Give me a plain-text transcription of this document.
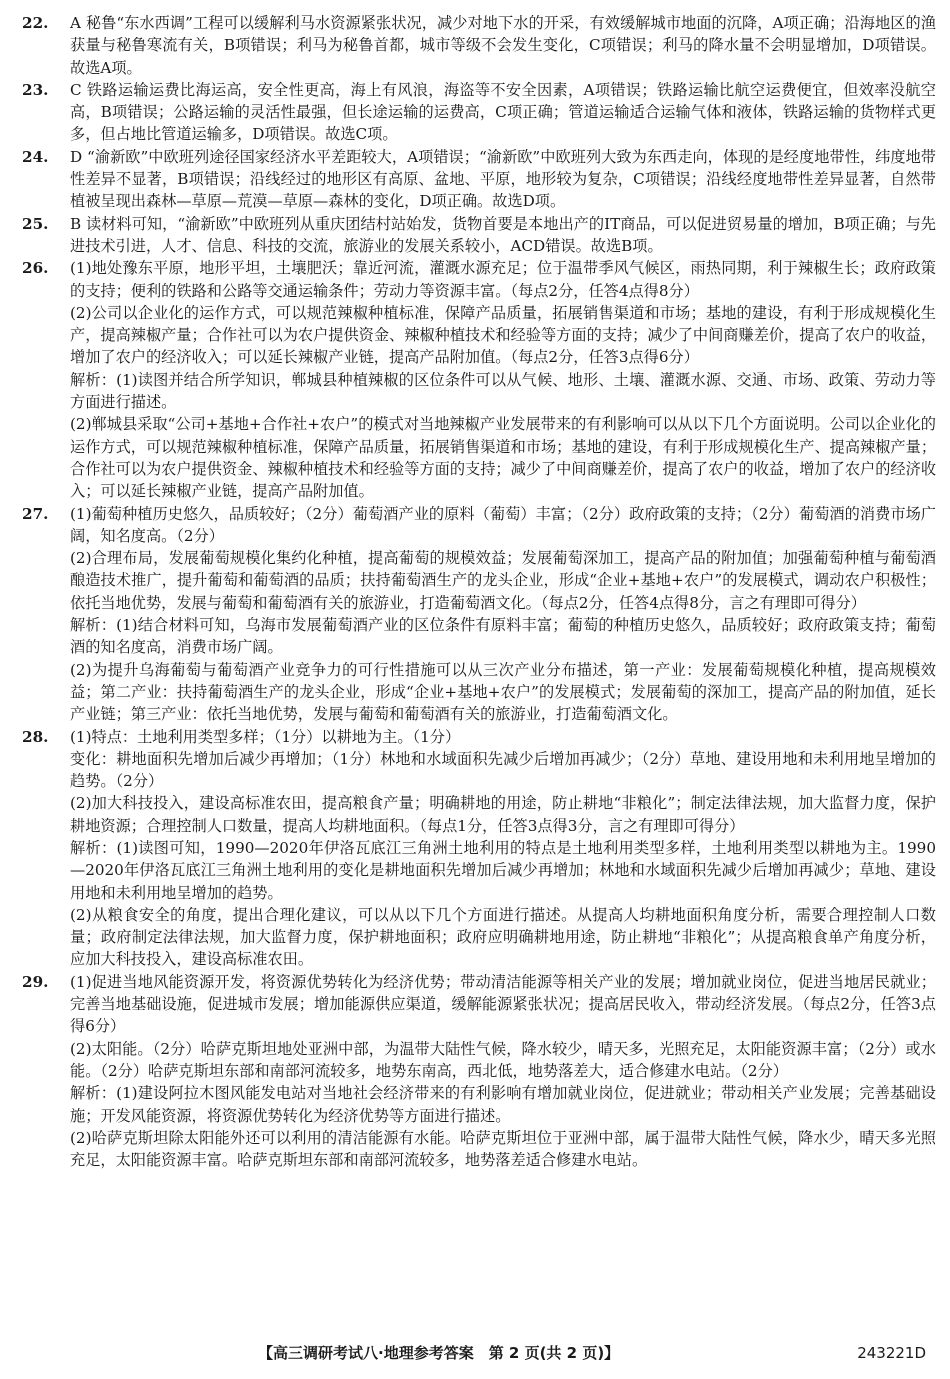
22. A 秘鲁“东水西调”工程可以缓解利马水资源紧张状况，减少对地下水的开采，有效缓解城市地面的沉降，A项正确；沿海地区的渔获量与秘鲁寒流有关，B项错误；利马为秘鲁首都，城市等级不会发生变化，C项错误；利马的降水量不会明显增加，D项错误。故选A项。

23. C 铁路运输运费比海运高，安全性更高，海上有风浪，海盗等不安全因素，A项错误；铁路运输比航空运费便宜，但效率没航空高，B项错误；公路运输的灵活性最强，但长途运输的运费高，C项正确；管道运输适合运输气体和液体，铁路运输的货物样式更多，但占地比管道运输多，D项错误。故选C项。

24. D “渝新欧”中欧班列途径国家经济水平差距较大，A项错误；“渝新欧”中欧班列大致为东西走向，体现的是经度地带性，纬度地带性差异不显著，B项错误；沿线经过的地形区有高原、盆地、平原，地形较为复杂，C项错误；沿线经度地带性差异显著，自然带植被呈现出森林—草原—荒漠—草原—森林的变化，D项正确。故选D项。

25. B 读材料可知，“渝新欧”中欧班列从重庆团结村站始发，货物首要是本地出产的IT商品，可以促进贸易量的增加，B项正确；与先进技术引进，人才、信息、科技的交流，旅游业的发展关系较小，ACD错误。故选B项。

26. (1)地处豫东平原，地形平坦，土壤肥沃；靠近河流，灌溉水源充足；位于温带季风气候区，雨热同期，利于辣椒生长；政府政策的支持；便利的铁路和公路等交通运输条件；劳动力等资源丰富。（每点2分，任答4点得8分）

(2)公司以企业化的运作方式，可以规范辣椒种植标准，保障产品质量，拓展销售渠道和市场；基地的建设，有利于形成规模化生产，提高辣椒产量；合作社可以为农户提供资金、辣椒种植技术和经验等方面的支持；减少了中间商赚差价，提高了农户的收益，增加了农户的经济收入；可以延长辣椒产业链，提高产品附加值。（每点2分，任答3点得6分）

解析：(1)读图并结合所学知识，郸城县种植辣椒的区位条件可以从气候、地形、土壤、灌溉水源、交通、市场、政策、劳动力等方面进行描述。

(2)郸城县采取“公司+基地+合作社+农户”的模式对当地辣椒产业发展带来的有利影响可以从以下几个方面说明。公司以企业化的运作方式，可以规范辣椒种植标准，保障产品质量，拓展销售渠道和市场；基地的建设，有利于形成规模化生产、提高辣椒产量；合作社可以为农户提供资金、辣椒种植技术和经验等方面的支持；减少了中间商赚差价，提高了农户的收益，增加了农户的经济收入；可以延长辣椒产业链，提高产品附加值。

27. (1)葡萄种植历史悠久，品质较好；（2分）葡萄酒产业的原料（葡萄）丰富；（2分）政府政策的支持；（2分）葡萄酒的消费市场广阔，知名度高。（2分）

(2)合理布局，发展葡萄规模化集约化种植，提高葡萄的规模效益；发展葡萄深加工，提高产品的附加值；加强葡萄种植与葡萄酒酿造技术推广，提升葡萄和葡萄酒的品质；扶持葡萄酒生产的龙头企业，形成“企业+基地+农户”的发展模式，调动农户积极性；依托当地优势，发展与葡萄和葡萄酒有关的旅游业，打造葡萄酒文化。（每点2分，任答4点得8分，言之有理即可得分）

解析：(1)结合材料可知，乌海市发展葡萄酒产业的区位条件有原料丰富；葡萄的种植历史悠久，品质较好；政府政策支持；葡萄酒的知名度高，消费市场广阔。

(2)为提升乌海葡萄与葡萄酒产业竞争力的可行性措施可以从三次产业分布描述，第一产业：发展葡萄规模化种植，提高规模效益；第二产业：扶持葡萄酒生产的龙头企业，形成“企业+基地+农户”的发展模式；发展葡萄的深加工，提高产品的附加值，延长产业链；第三产业：依托当地优势，发展与葡萄和葡萄酒有关的旅游业，打造葡萄酒文化。

28. (1)特点：土地利用类型多样；（1分）以耕地为主。（1分）

变化：耕地面积先增加后减少再增加；（1分）林地和水域面积先减少后增加再减少；（2分）草地、建设用地和未利用地呈增加的趋势。（2分）

(2)加大科技投入，建设高标准农田，提高粮食产量；明确耕地的用途，防止耕地“非粮化”；制定法律法规，加大监督力度，保护耕地资源；合理控制人口数量，提高人均耕地面积。（每点1分，任答3点得3分，言之有理即可得分）

解析：(1)读图可知，1990—2020年伊洛瓦底江三角洲土地利用的特点是土地利用类型多样，土地利用类型以耕地为主。1990—2020年伊洛瓦底江三角洲土地利用的变化是耕地面积先增加后减少再增加；林地和水域面积先减少后增加再减少；草地、建设用地和未利用地呈增加的趋势。

(2)从粮食安全的角度，提出合理化建议，可以从以下几个方面进行描述。从提高人均耕地面积角度分析，需要合理控制人口数量；政府制定法律法规，加大监督力度，保护耕地面积；政府应明确耕地用途，防止耕地“非粮化”；从提高粮食单产角度分析，应加大科技投入，建设高标准农田。

29. (1)促进当地风能资源开发，将资源优势转化为经济优势；带动清洁能源等相关产业的发展；增加就业岗位，促进当地居民就业；完善当地基础设施，促进城市发展；增加能源供应渠道，缓解能源紧张状况；提高居民收入，带动经济发展。（每点2分，任答3点得6分）

(2)太阳能。（2分）哈萨克斯坦地处亚洲中部，为温带大陆性气候，降水较少，晴天多，光照充足，太阳能资源丰富；（2分）或水能。（2分）哈萨克斯坦东部和南部河流较多，地势东南高，西北低，地势落差大，适合修建水电站。（2分）

解析：(1)建设阿拉木图风能发电站对当地社会经济带来的有利影响有增加就业岗位，促进就业；带动相关产业发展；完善基础设施；开发风能资源，将资源优势转化为经济优势等方面进行描述。

(2)哈萨克斯坦除太阳能外还可以利用的清洁能源有水能。哈萨克斯坦位于亚洲中部，属于温带大陆性气候，降水少，晴天多光照充足，太阳能资源丰富。哈萨克斯坦东部和南部河流较多，地势落差适合修建水电站。

【高三调研考试八·地理参考答案　第 2 页(共 2 页)】	243221D
